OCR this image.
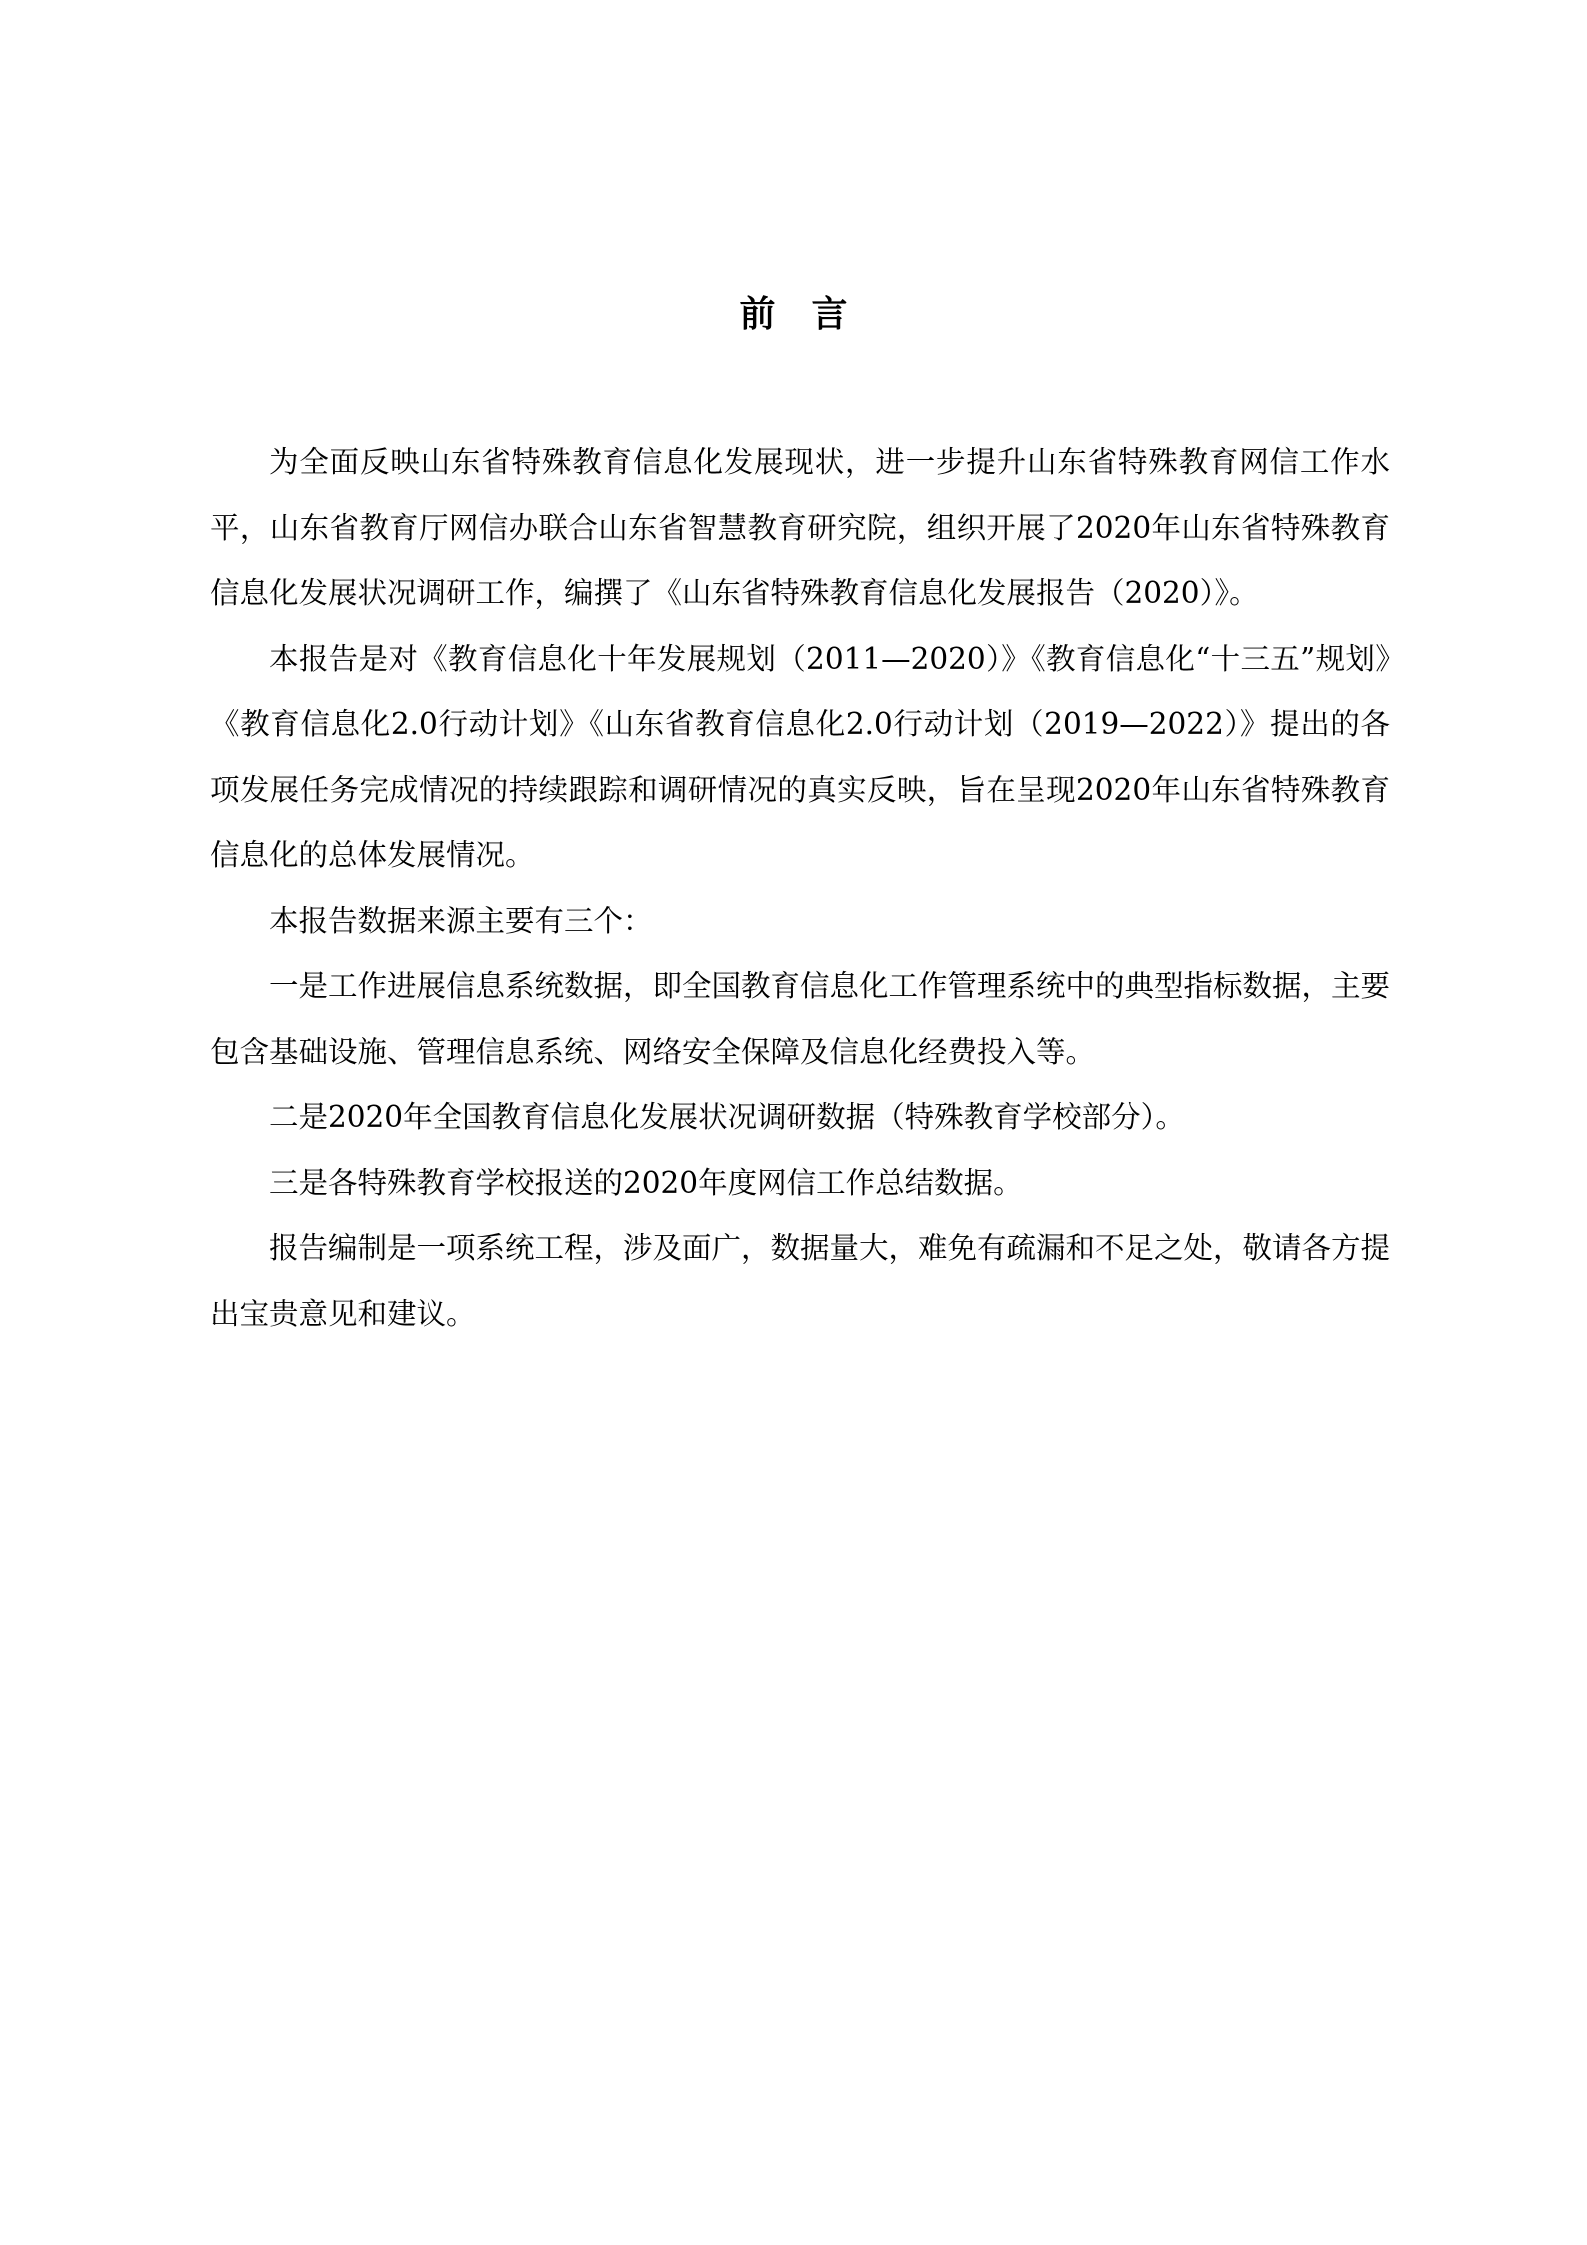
前言

为全面反映山东省特殊教育信息化发展现状，进一步提升山东省特殊教育网信工作水平，山东省教育厅网信办联合山东省智慧教育研究院，组织开展了2020年山东省特殊教育信息化发展状况调研工作，编撰了《山东省特殊教育信息化发展报告（2020）》。

本报告是对《教育信息化十年发展规划（2011—2020）》《教育信息化“十三五”规划》《教育信息化2.0行动计划》《山东省教育信息化2.0行动计划（2019—2022）》提出的各项发展任务完成情况的持续跟踪和调研情况的真实反映，旨在呈现2020年山东省特殊教育信息化的总体发展情况。

本报告数据来源主要有三个：

一是工作进展信息系统数据，即全国教育信息化工作管理系统中的典型指标数据，主要包含基础设施、管理信息系统、网络安全保障及信息化经费投入等。

二是2020年全国教育信息化发展状况调研数据（特殊教育学校部分）。

三是各特殊教育学校报送的2020年度网信工作总结数据。

报告编制是一项系统工程，涉及面广，数据量大，难免有疏漏和不足之处，敬请各方提出宝贵意见和建议。
